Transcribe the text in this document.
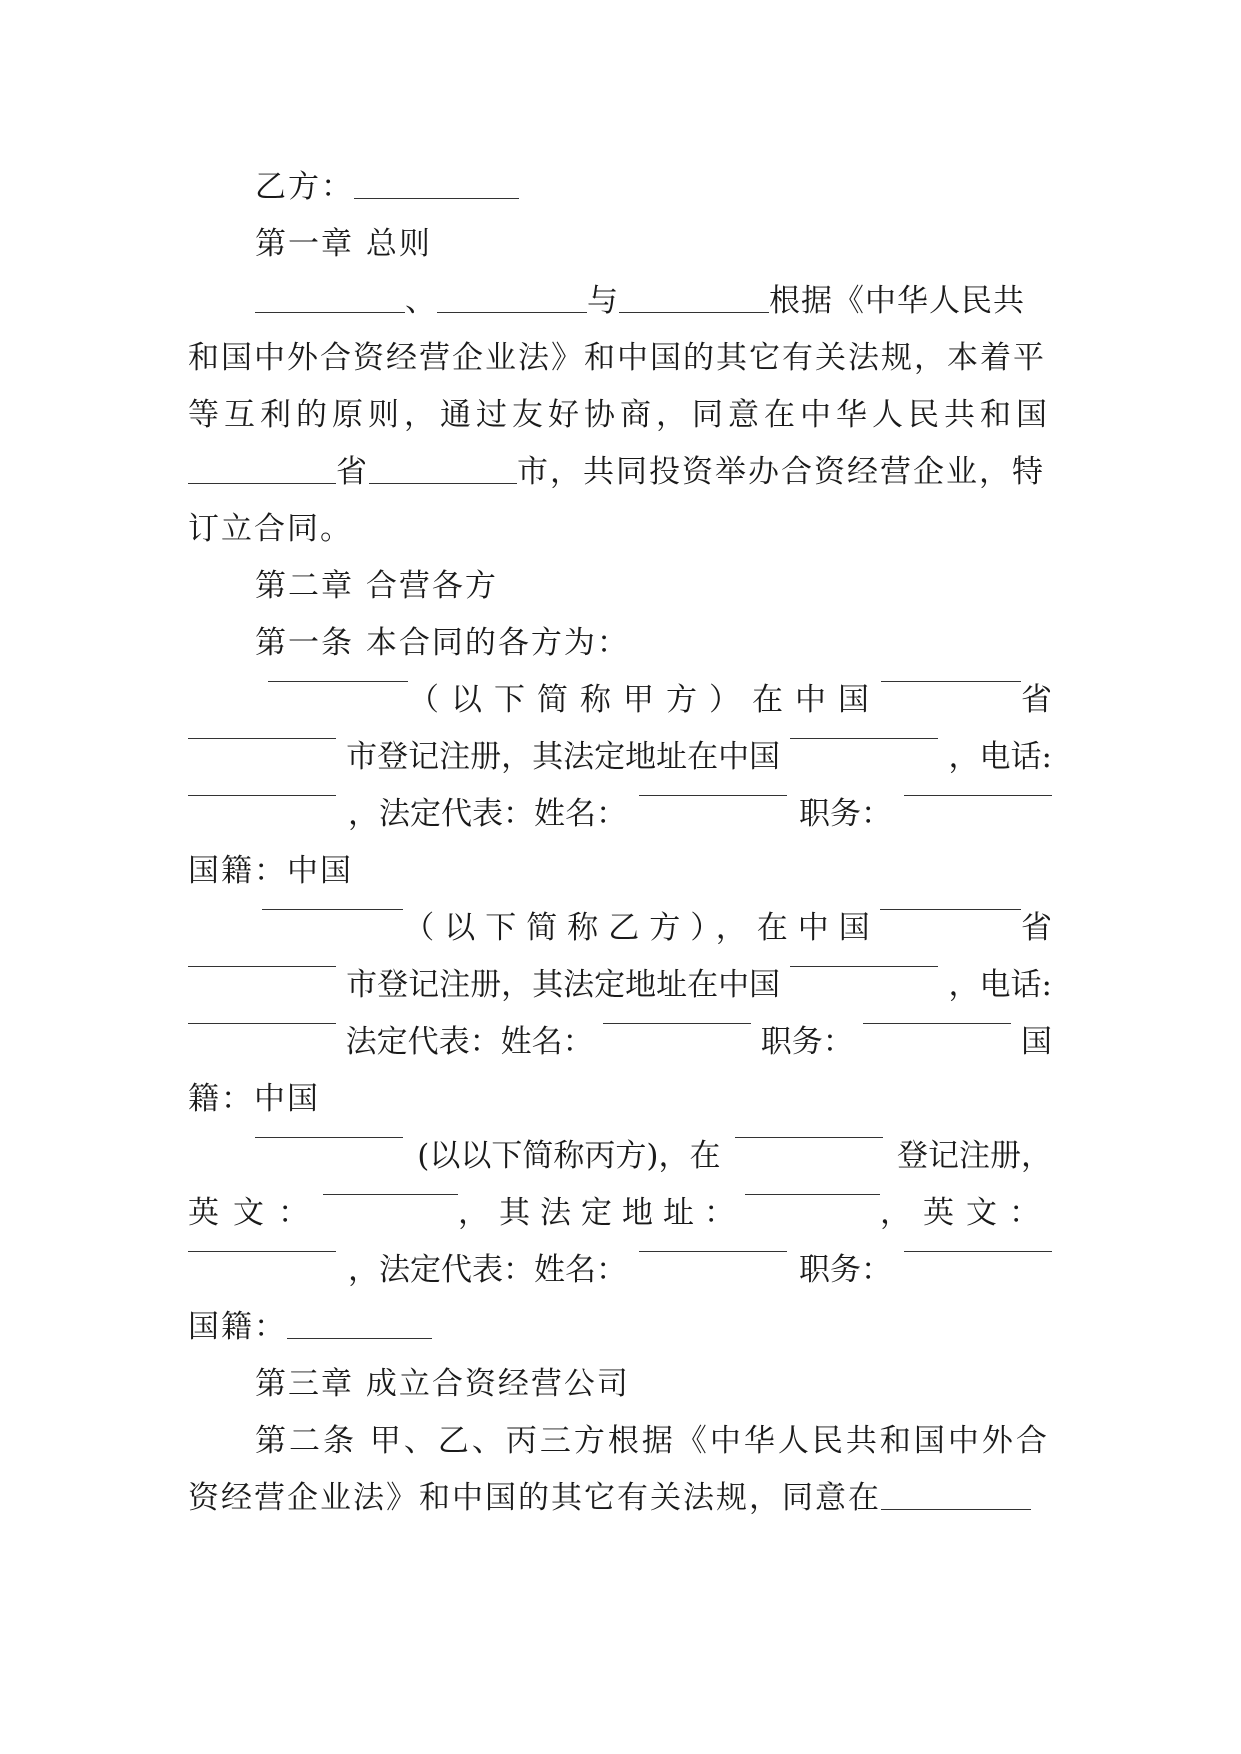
乙方：
第一章 总则
、	与	根据《中华人民共
和国中外合资经营企业法》和中国的其它有关法规，本着平
等互利的原则，通过友好协商，同意在中华人民共和国
省	市，共同投资举办合资经营企业，特
订立合同。
第二章 合营各方
第一条 本合同的各方为：
（以下简称甲方）在中国	省
市登记注册，其法定地址在中国	，电话:
，法定代表：姓名：	职务：
国籍：中国
（以下简称乙方），在中国	省
市登记注册，其法定地址在中国	，电话:
法定代表：姓名：	职务：	国
籍：中国
(以以下简称丙方)，在	登记注册，
英文：	，其法定地址：	，英文：
，法定代表：姓名：	职务：
国籍：
第三章 成立合资经营公司
第二条 甲、乙、丙三方根据《中华人民共和国中外合
资经营企业法》和中国的其它有关法规，同意在
